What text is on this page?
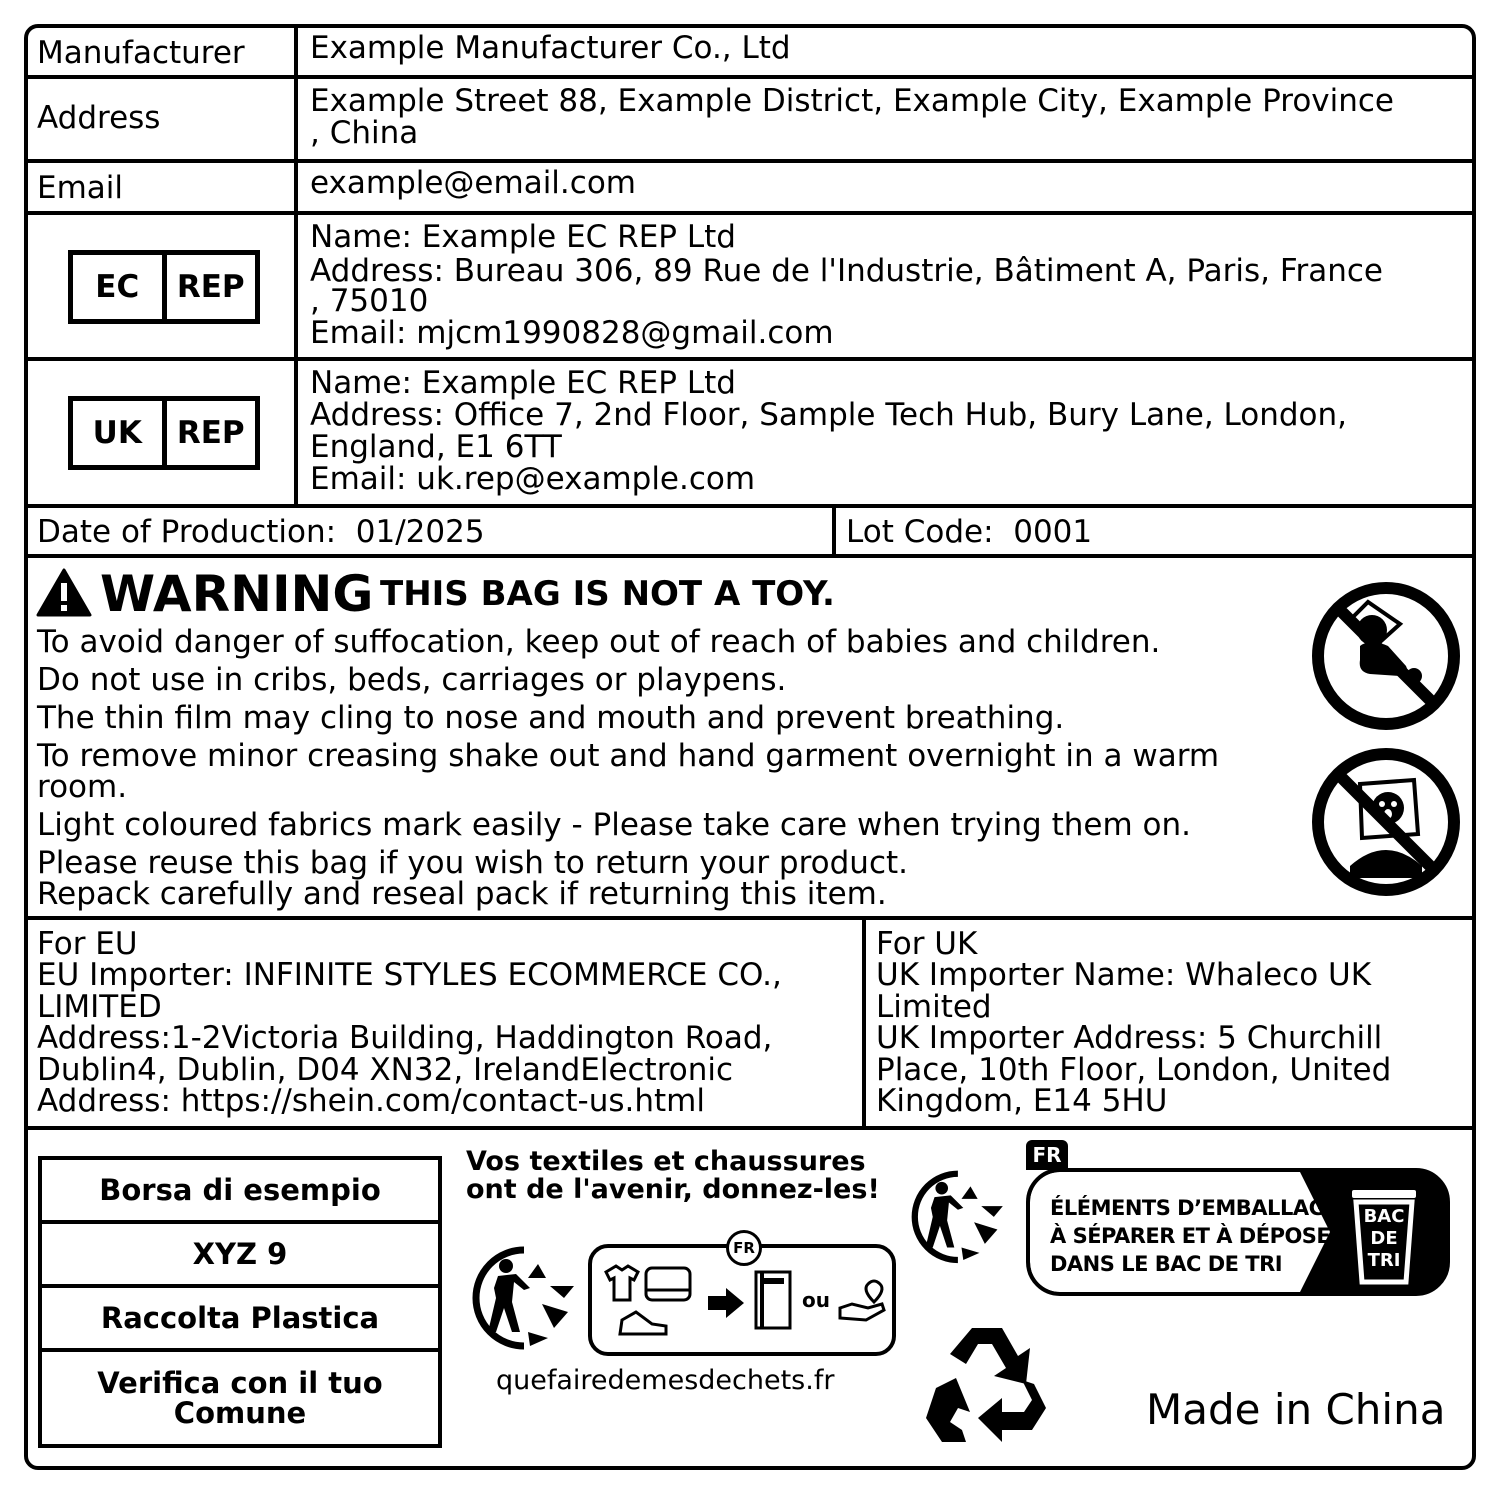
Manufacturer Example Manufacturer Co., Ltd
Address	Example Street 88, Example District, Example City, Example Province
, China
Email	example@email.com
EC	REP
Name: Example EC REP Ltd
Address: Bureau 306, 89 Rue de l'Industrie, Bâtiment A, Paris, France
, 75010
Email: mjcm1990828@gmail.com
UK	REP
Name: Example EC REP Ltd
Address: Office 7, 2nd Floor, Sample Tech Hub, Bury Lane, London,
England, E1 6TT
Email: uk.rep@example.com
Date of Production: 01/2025	Lot Code: 0001
WARNING THIS BAG IS NOT A TOY.
To avoid danger of suffocation, keep out of reach of babies and children.
Do not use in cribs, beds, carriages or playpens.
The thin film may cling to nose and mouth and prevent breathing.
To remove minor creasing shake out and hand garment overnight in a warm
room.
Light coloured fabrics mark easily - Please take care when trying them on.
Please reuse this bag if you wish to return your product.
Repack carefully and reseal pack if returning this item.
For EU
EU Importer: INFINITE STYLES ECOMMERCE CO.,
LIMITED
Address:1-2Victoria Building, Haddington Road,
Dublin4, Dublin, D04 XN32, IrelandElectronic
Address: https://shein.com/contact-us.html
For UK
UK Importer Name: Whaleco UK
Limited
UK Importer Address: 5 Churchill
Place, 10th Floor, London, United
Kingdom, E14 5HU
Borsa di esempio
XYZ 9
Raccolta Plastica
Verifica con il tuo
Comune
Vos textiles et chaussures
ont de l'avenir, donnez-les!
FR
ou
quefairedemesdechets.fr
FR
ÉLÉMENTS D’EMBALLAGE
À SÉPARER ET À DÉPOSER
DANS LE BAC DE TRI
BAC
DE
TRI
Made in China
